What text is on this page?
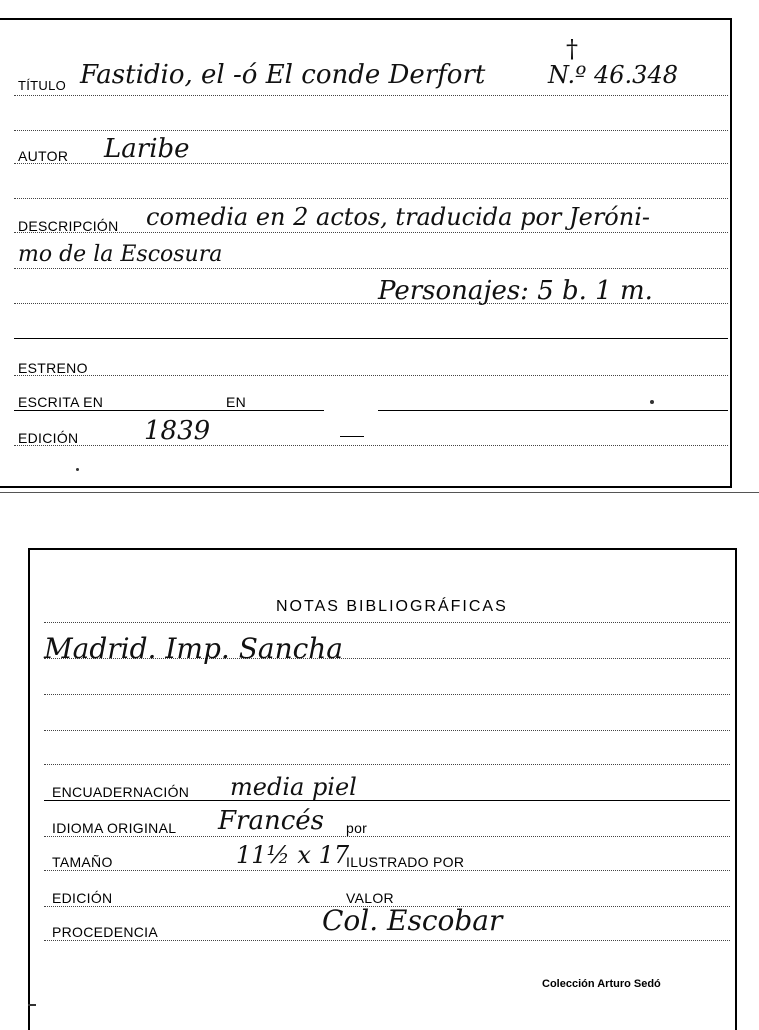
TÍTULO Fastidio, el -ó El conde Derfort	N.º 46.348
†
AUTOR Laribe
DESCRIPCIÓN comedia en 2 actos, traducida por Jeróni-
mo de la Escosura
Personajes: 5 b. 1 m.
ESTRENO
ESCRITA EN	EN
EDICIÓN	1839
NOTAS BIBLIOGRÁFICAS
Madrid. Imp. Sancha
ENCUADERNACIÓN media piel
IDIOMA ORIGINAL Francés por
TAMAÑO	11½ x 17
ILUSTRADO POR
EDICIÓN	VALOR
PROCEDENCIA	Col. Escobar
Colección Arturo Sedó
